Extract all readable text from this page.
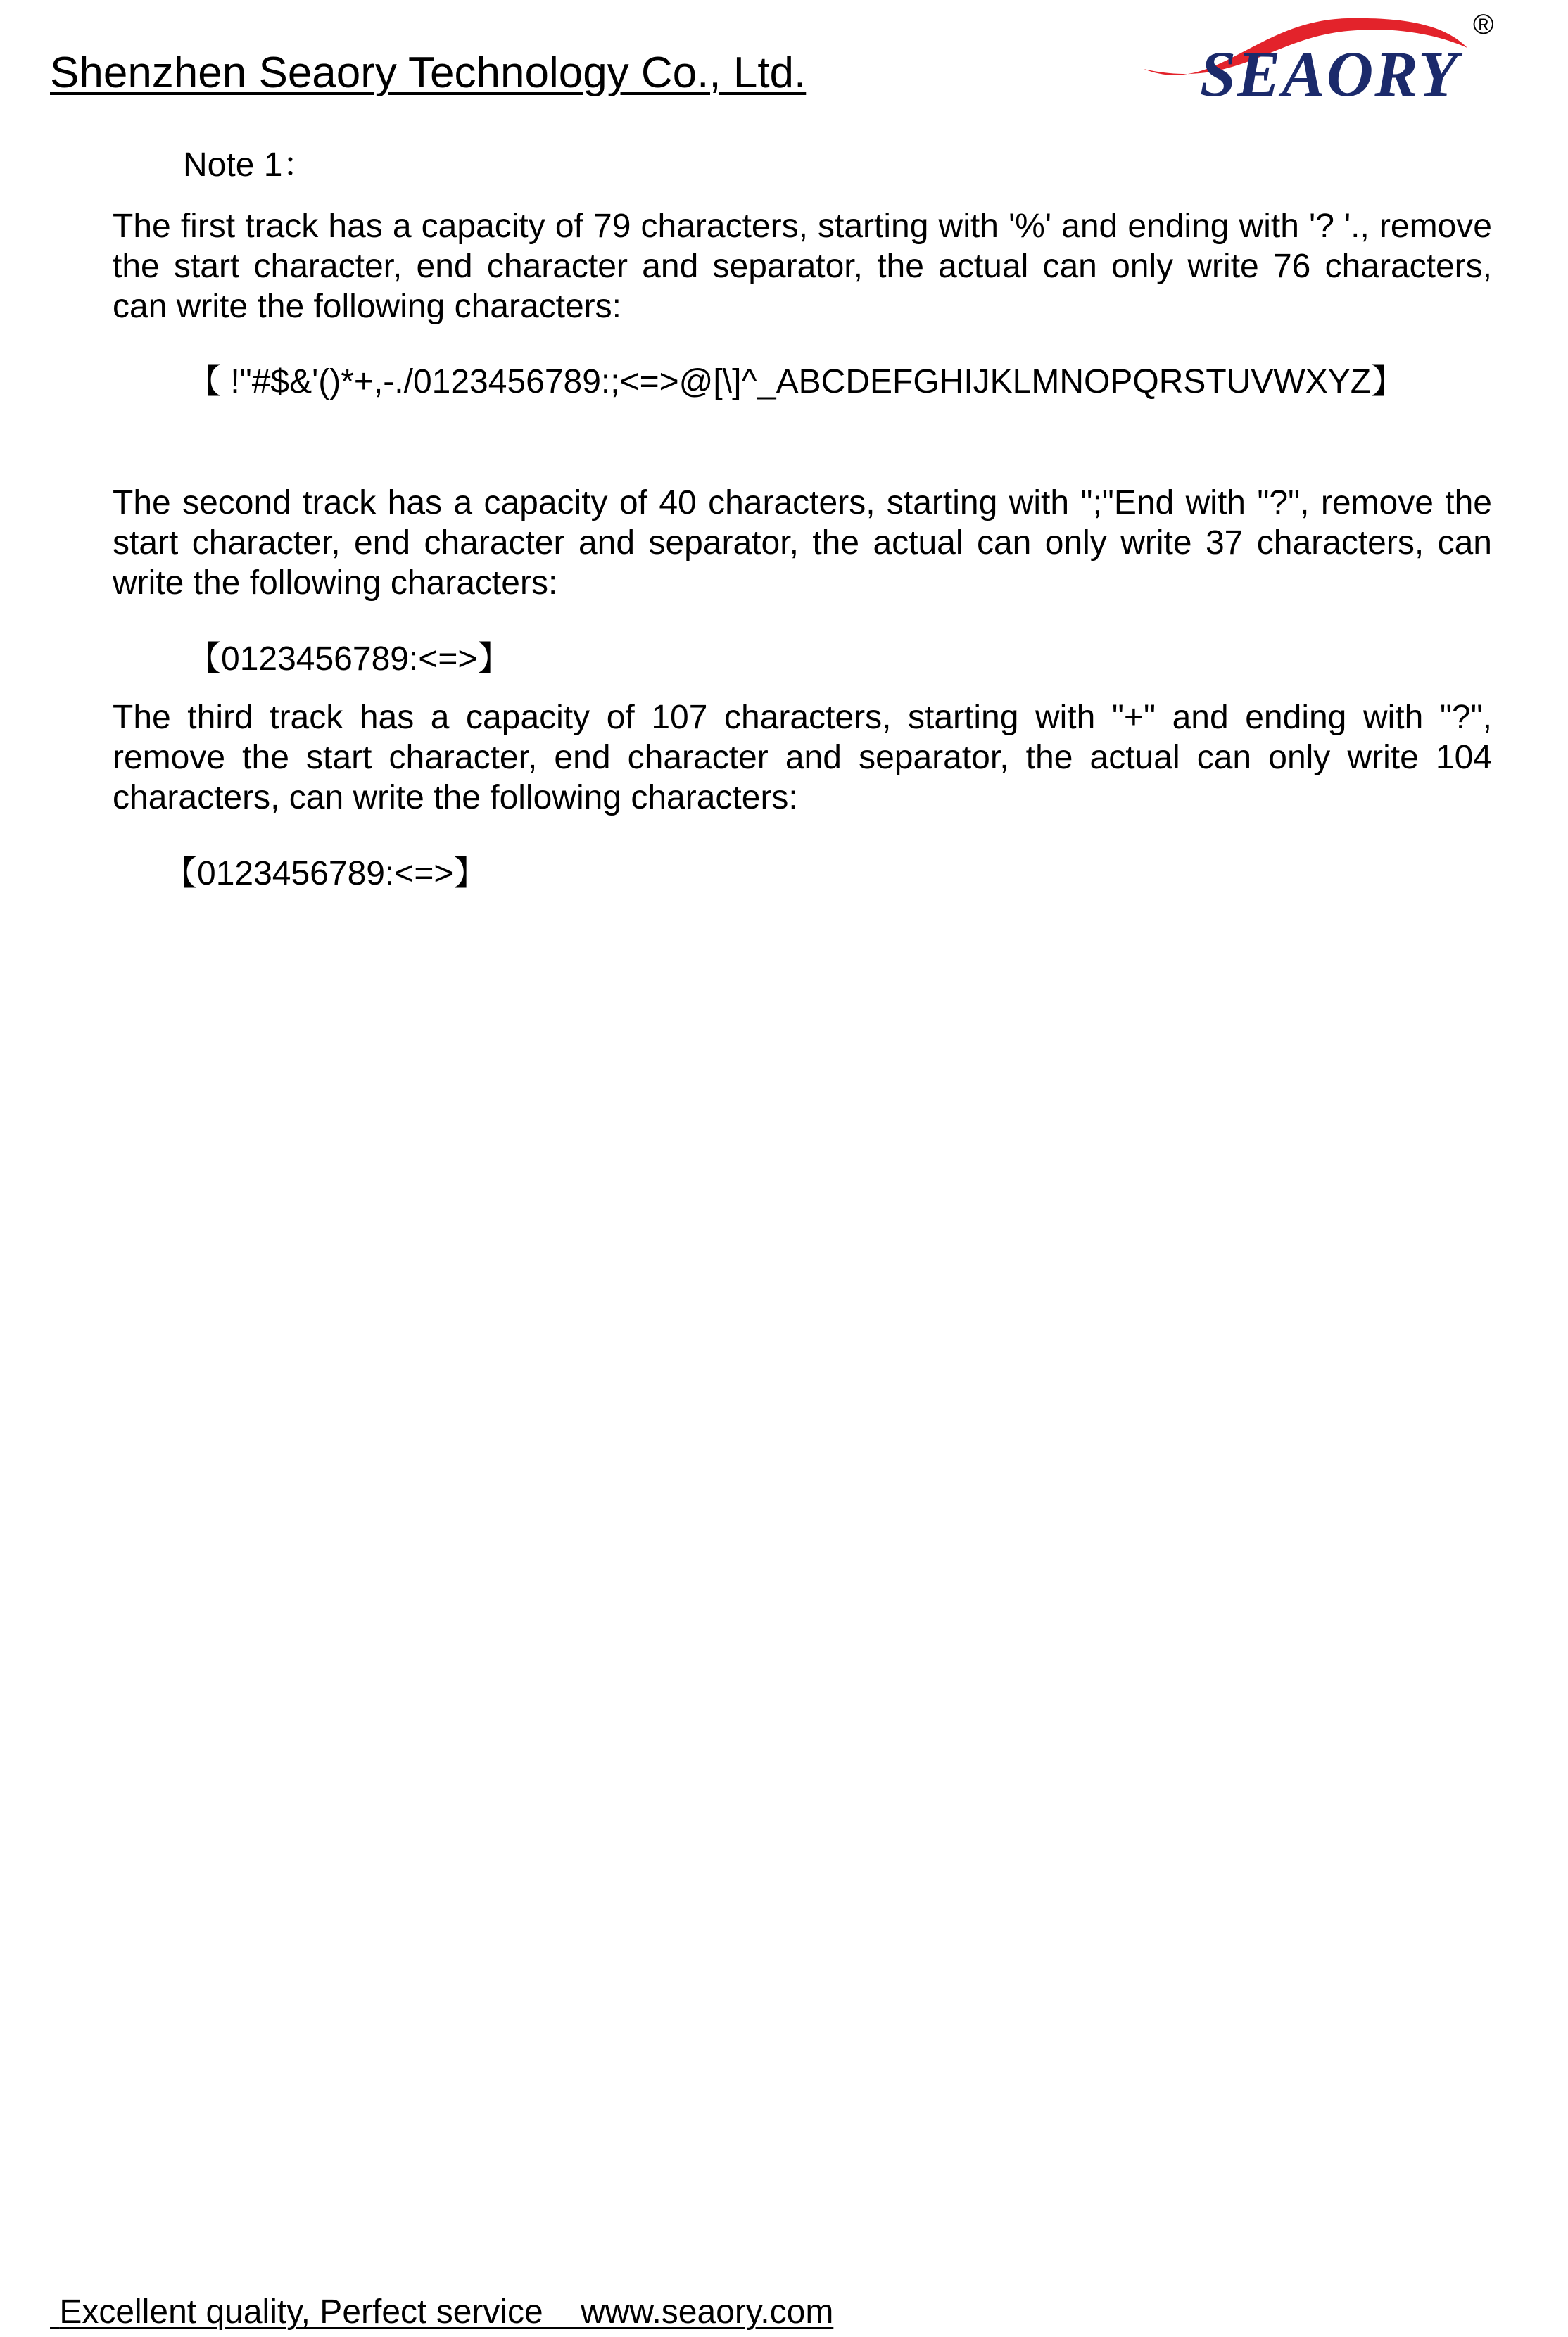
Shenzhen Seaory Technology Co., Ltd.	SEAORY
®
Note 1：

The first track has a capacity of 79 characters, starting with '%' and ending with '? '., remove the start character, end character and separator, the actual can only write 76 characters, can write the following characters:

【 !"#$&'()*+,-./0123456789:;<=>@[\]^_ABCDEFGHIJKLMNOPQRSTUVWXYZ】

The second track has a capacity of 40 characters, starting with ";"End with "?", remove the start character, end character and separator, the actual can only write 37 characters, can write the following characters:

【0123456789:<=>】

The third track has a capacity of 107 characters, starting with "+" and ending with "?", remove the start character, end character and separator, the actual can only write 104 characters, can write the following characters:

【0123456789:<=>】
Excellent quality, Perfect service www.seaory.com
